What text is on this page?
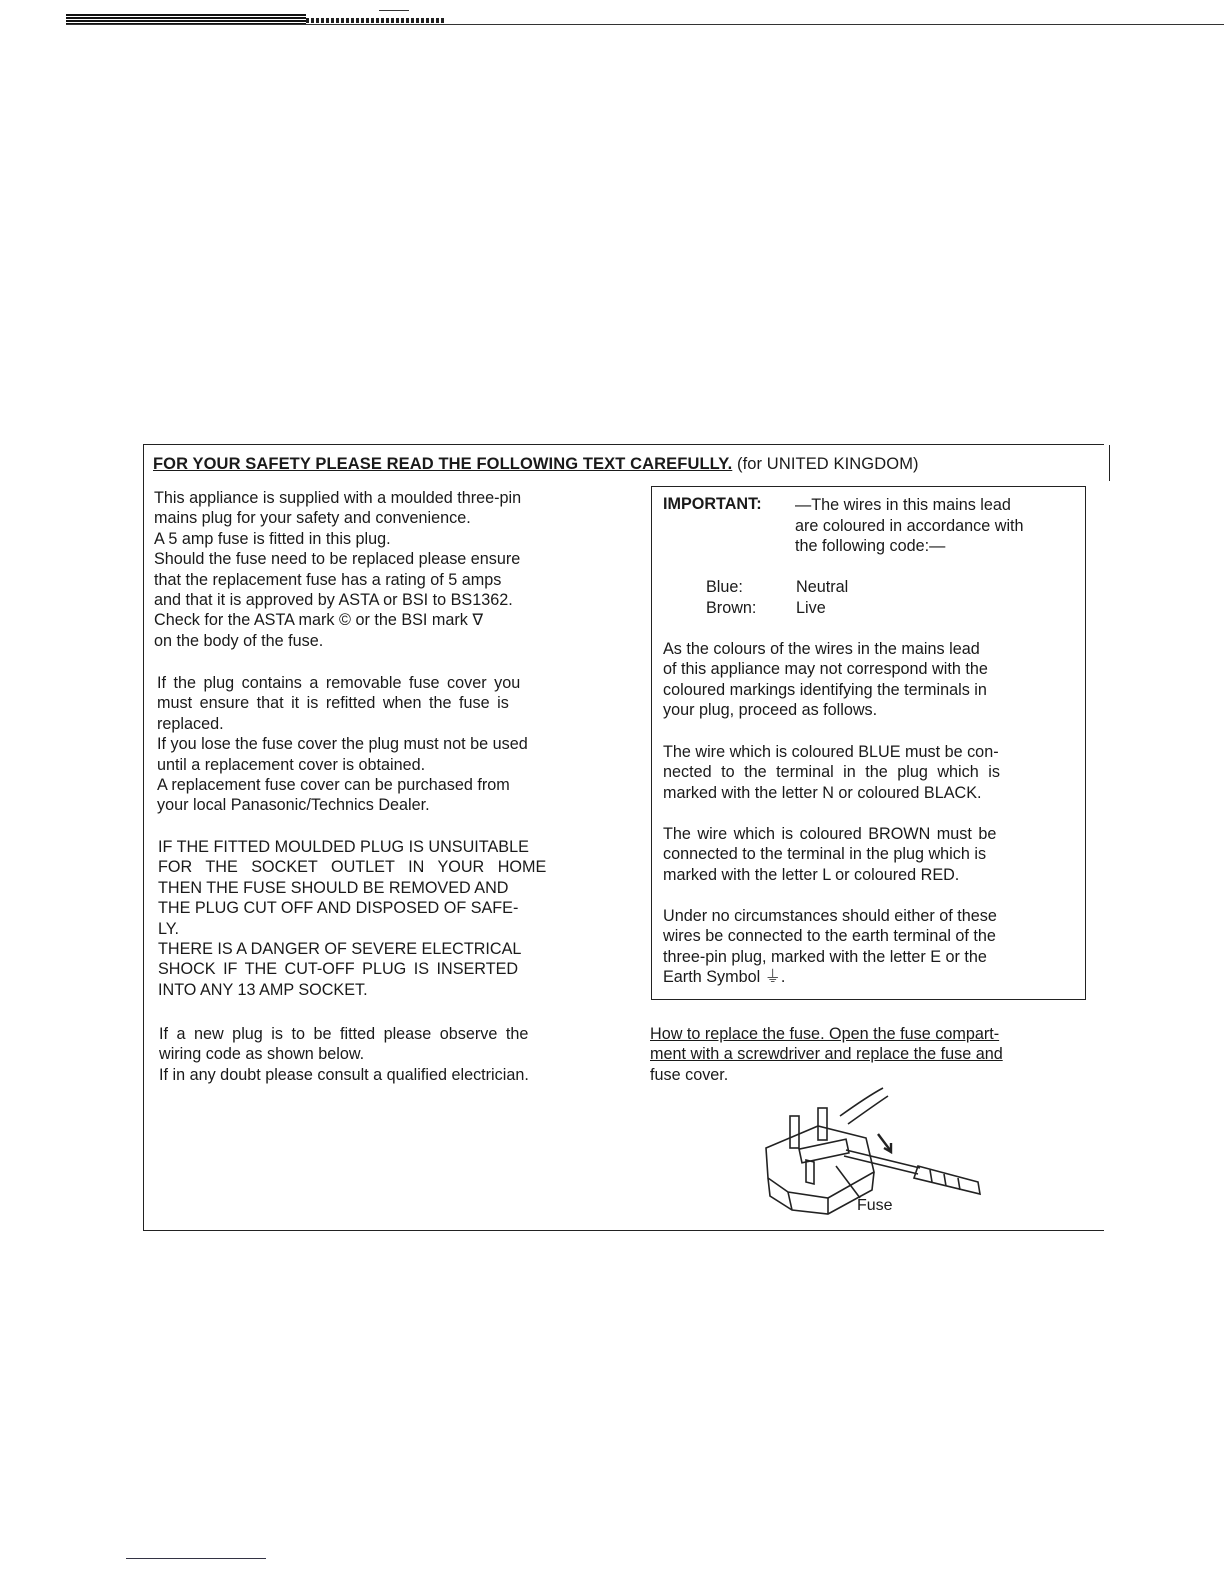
FOR YOUR SAFETY PLEASE READ THE FOLLOWING TEXT CAREFULLY. (for UNITED KINGDOM)
This appliance is supplied with a moulded three-pin
mains plug for your safety and convenience.
A 5 amp fuse is fitted in this plug.
Should the fuse need to be replaced please ensure
that the replacement fuse has a rating of 5 amps
and that it is approved by ASTA or BSI to BS1362.
Check for the ASTA mark © or the BSI mark ∇
on the body of the fuse.
If the plug contains a removable fuse cover you
must ensure that it is refitted when the fuse is
replaced.
If you lose the fuse cover the plug must not be used
until a replacement cover is obtained.
A replacement fuse cover can be purchased from
your local Panasonic/Technics Dealer.
IF THE FITTED MOULDED PLUG IS UNSUITABLE
FOR THE SOCKET OUTLET IN YOUR HOME
THEN THE FUSE SHOULD BE REMOVED AND
THE PLUG CUT OFF AND DISPOSED OF SAFE-
LY.
THERE IS A DANGER OF SEVERE ELECTRICAL
SHOCK IF THE CUT-OFF PLUG IS INSERTED
INTO ANY 13 AMP SOCKET.
If a new plug is to be fitted please observe the
wiring code as shown below.
If in any doubt please consult a qualified electrician.
IMPORTANT: —The wires in this mains lead
are coloured in accordance with
the following code:—
Blue:	Neutral
Brown: Live
As the colours of the wires in the mains lead
of this appliance may not correspond with the
coloured markings identifying the terminals in
your plug, proceed as follows.
The wire which is coloured BLUE must be con-
nected to the terminal in the plug which is
marked with the letter N or coloured BLACK.
The wire which is coloured BROWN must be
connected to the terminal in the plug which is
marked with the letter L or coloured RED.
Under no circumstances should either of these
wires be connected to the earth terminal of the
three-pin plug, marked with the letter E or the
Earth Symbol ⏚.
How to replace the fuse. Open the fuse compart-
ment with a screwdriver and replace the fuse and
fuse cover.
Fuse
